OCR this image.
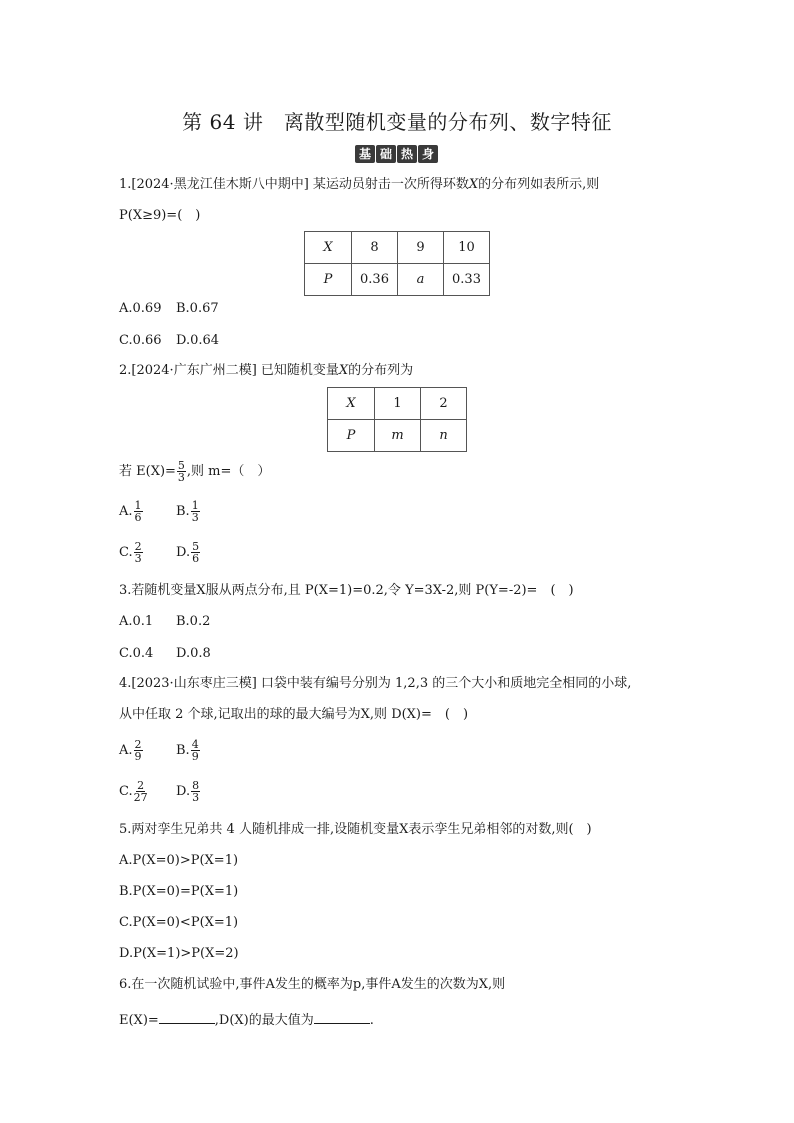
第 64 讲　离散型随机变量的分布列、数字特征
基 础 热 身
1.[2024·黑龙江佳木斯八中期中] 某运动员射击一次所得环数X的分布列如表所示,则
P(X≥9)=(　)
X	8	9	10
P	0.36	a	0.33
A.0.69 B.0.67
C.0.66 D.0.64
2.[2024·广东广州二模] 已知随机变量X的分布列为
X	1	2
P	m	n
若 $E(X)= \frac{5}{3}$ ,则 m=（　）
A. $\frac{1}{6}$	B. $\frac{1}{3}$
C. $\frac{2}{3}$	D. $\frac{5}{6}$
3.若随机变量X服从两点分布,且 P(X=1)=0.2,令 Y=3X-2,则 P(Y=-2)=　(　)
A.0.1 B.0.2
C.0.4 D.0.8
4.[2023·山东枣庄三模] 口袋中装有编号分别为 1,2,3 的三个大小和质地完全相同的小球,
从中任取 2 个球,记取出的球的最大编号为X,则 D(X)=　(　)
A. $\frac{2}{9}$	B. $\frac{4}{9}$
C. $\frac{2}{27} D$. $\frac{8}{3}$
5.两对孪生兄弟共 4 人随机排成一排,设随机变量X表示孪生兄弟相邻的对数,则(　)
A.P(X=0)>P(X=1)
B.P(X=0)=P(X=1)
C.P(X=0)<P(X=1)
D.P(X=1)>P(X=2)
6.在一次随机试验中,事件A发生的概率为p,事件A发生的次数为X,则
E(X)=	,D(X)的最大值为	.
